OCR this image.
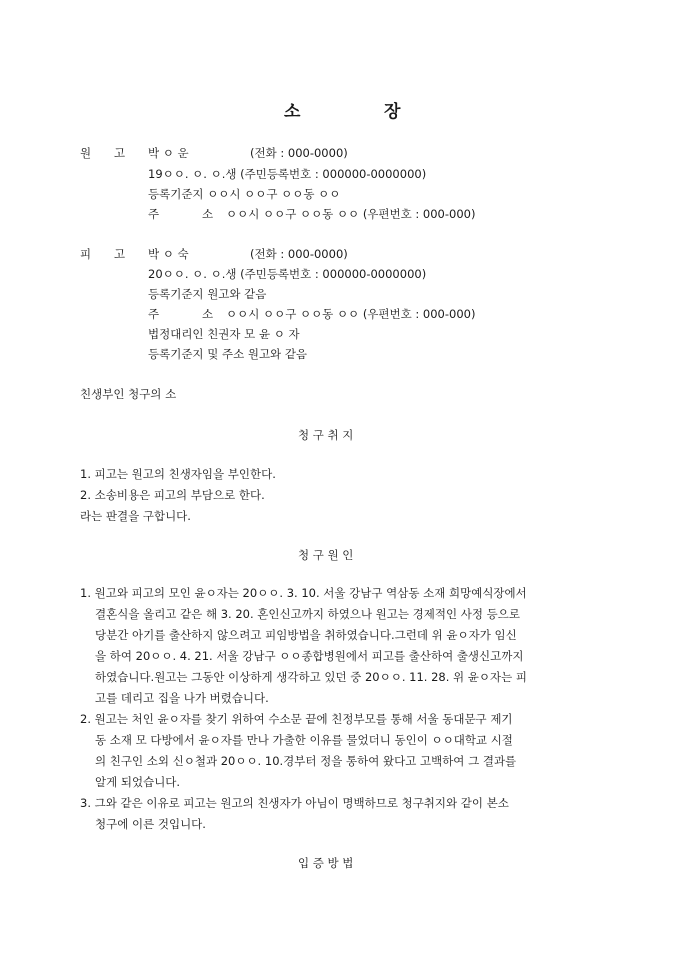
소	장
원 고 박 ㅇ 운	(전화 : 000-0000)
19ㅇㅇ. ㅇ. ㅇ.생 (주민등록번호 : 000000-0000000)
등록기준지 ㅇㅇ시 ㅇㅇ구 ㅇㅇ동 ㅇㅇ
주	소 ㅇㅇ시 ㅇㅇ구 ㅇㅇ동 ㅇㅇ (우편번호 : 000-000)
피 고 박 ㅇ 숙	(전화 : 000-0000)
20ㅇㅇ. ㅇ. ㅇ.생 (주민등록번호 : 000000-0000000)
등록기준지 원고와 같음
주	소 ㅇㅇ시 ㅇㅇ구 ㅇㅇ동 ㅇㅇ (우편번호 : 000-000)
법정대리인 친권자 모 윤 ㅇ 자
등록기준지 및 주소 원고와 같음
친생부인 청구의 소
청 구 취 지
1. 피고는 원고의 친생자임을 부인한다.
2. 소송비용은 피고의 부담으로 한다.
라는 판결을 구합니다.
청 구 원 인
1. 원고와 피고의 모인 윤ㅇ자는 20ㅇㅇ. 3. 10. 서울 강남구 역삼동 소재 희망예식장에서
결혼식을 올리고 같은 해 3. 20. 혼인신고까지 하였으나 원고는 경제적인 사정 등으로
당분간 아기를 출산하지 않으려고 피임방법을 취하였습니다.그런데 위 윤ㅇ자가 임신
을 하여 20ㅇㅇ. 4. 21. 서울 강남구 ㅇㅇ종합병원에서 피고를 출산하여 출생신고까지
하였습니다.원고는 그동안 이상하게 생각하고 있던 중 20ㅇㅇ. 11. 28. 위 윤ㅇ자는 피
고를 데리고 집을 나가 버렸습니다.
2. 원고는 처인 윤ㅇ자를 찾기 위하여 수소문 끝에 친정부모를 통해 서울 동대문구 제기
동 소재 모 다방에서 윤ㅇ자를 만나 가출한 이유를 물었더니 동인이 ㅇㅇ대학교 시절
의 친구인 소외 신ㅇ철과 20ㅇㅇ. 10.경부터 정을 통하여 왔다고 고백하여 그 결과를
알게 되었습니다.
3. 그와 같은 이유로 피고는 원고의 친생자가 아님이 명백하므로 청구취지와 같이 본소
청구에 이른 것입니다.
입 증 방 법
